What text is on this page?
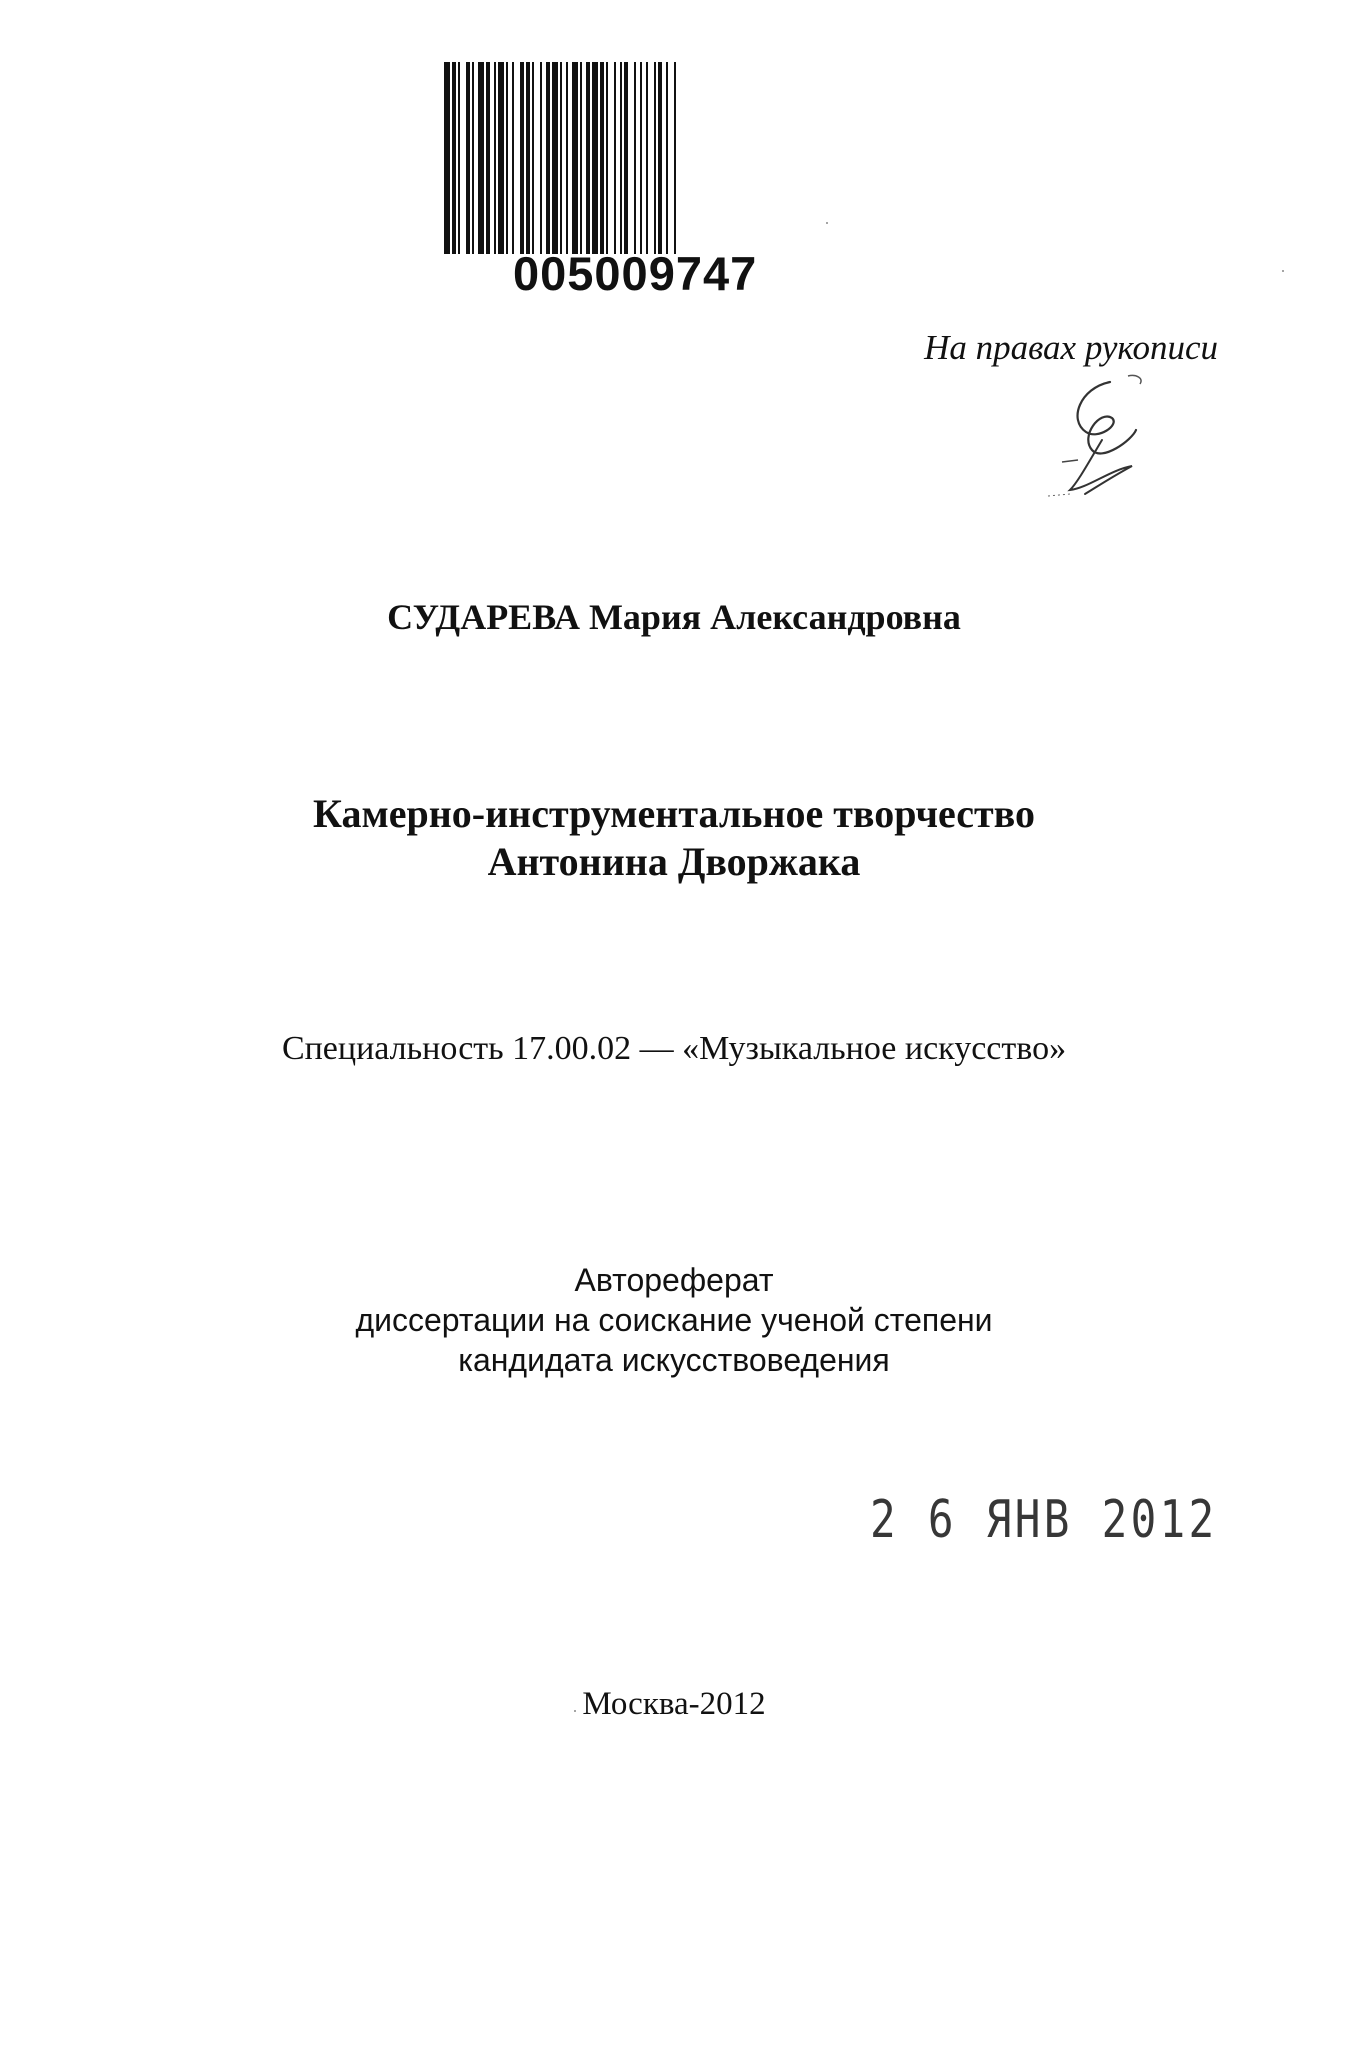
005009747
На правах рукописи
СУДАРЕВА Мария Александровна
Камерно-инструментальное творчество
Антонина Дворжака
Специальность 17.00.02 — «Музыкальное искусство»
Автореферат
диссертации на соискание ученой степени
кандидата искусствоведения
2 6 ЯНВ 2012
Москва-2012
